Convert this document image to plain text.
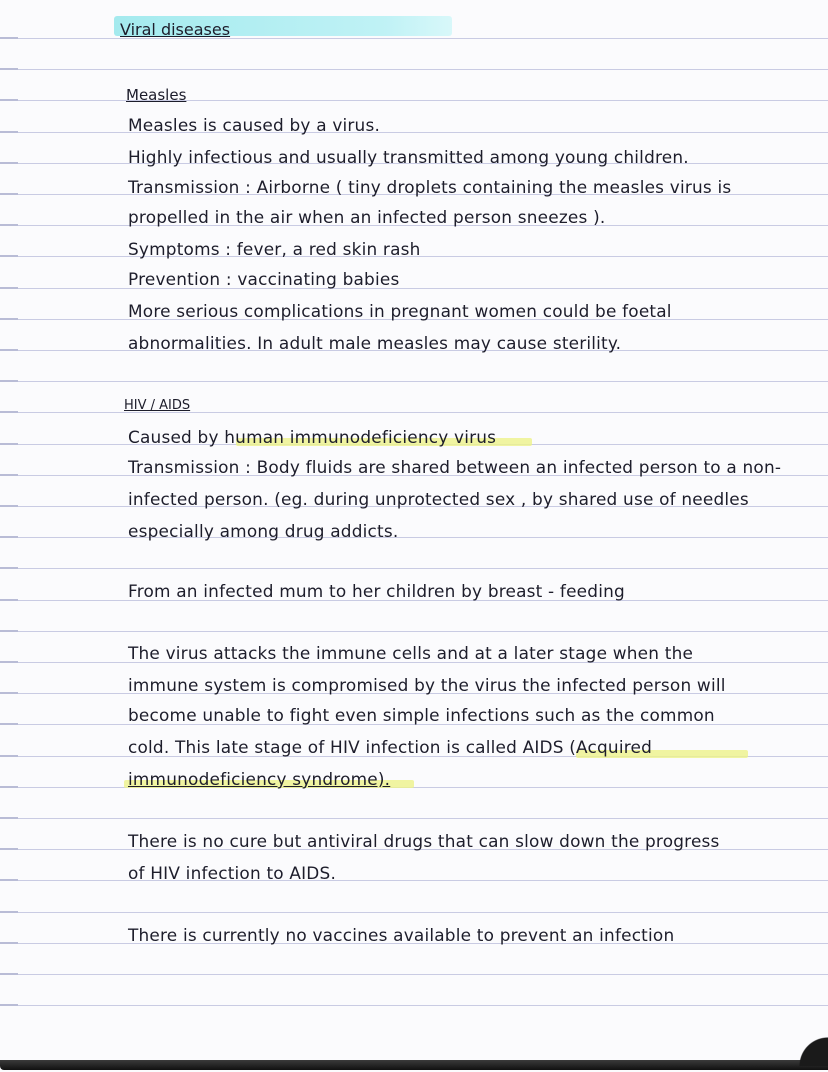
Viral diseases
Measles
Measles is caused by a virus.
Highly infectious and usually transmitted among young children.
Transmission : Airborne ( tiny droplets containing the measles virus is
propelled in the air when an infected person sneezes ).
Symptoms : fever, a red skin rash
Prevention : vaccinating babies
More serious complications in pregnant women could be foetal
abnormalities. In adult male measles may cause sterility.
HIV / AIDS
Caused by human immunodeficiency virus
Transmission : Body fluids are shared between an infected person to a non-
infected person. (eg. during unprotected sex , by shared use of needles
especially among drug addicts.
From an infected mum to her children by breast - feeding
The virus attacks the immune cells and at a later stage when the
immune system is compromised by the virus the infected person will
become unable to fight even simple infections such as the common
cold. This late stage of HIV infection is called AIDS (Acquired
immunodeficiency syndrome).
There is no cure but antiviral drugs that can slow down the progress
of HIV infection to AIDS.
There is currently no vaccines available to prevent an infection
